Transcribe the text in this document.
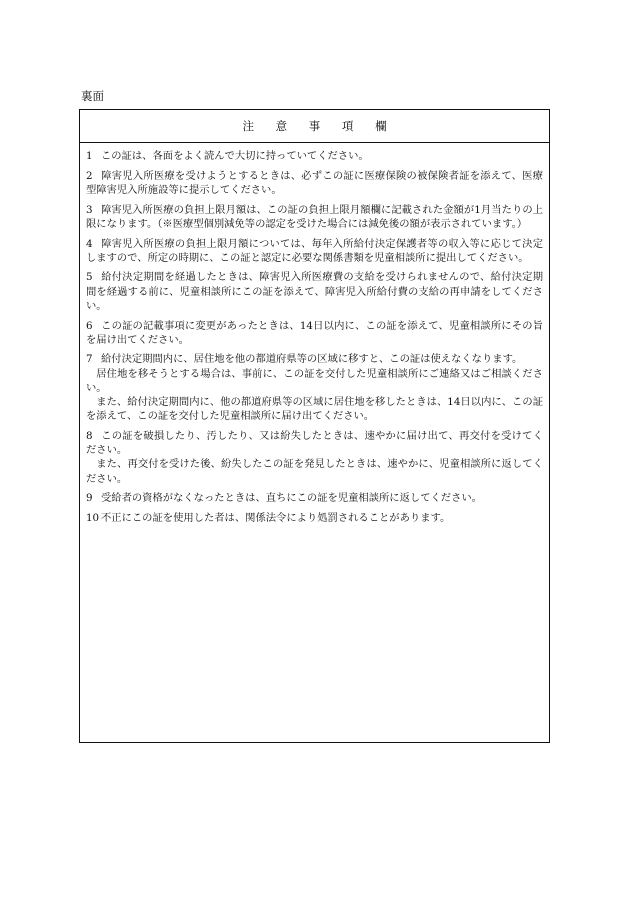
裏面
注 意 事 項 欄
1 この証は、各面をよく読んで大切に持っていてください。
2 障害児入所医療を受けようとするときは、必ずこの証に医療保険の被保険者証を添えて、医療型障害児入所施設等に提示してください。
3 障害児入所医療の負担上限月額は、この証の負担上限月額欄に記載された金額が1月当たりの上限になります。（※医療型個別減免等の認定を受けた場合には減免後の額が表示されています。）
4 障害児入所医療の負担上限月額については、毎年入所給付決定保護者等の収入等に応じて決定しますので、所定の時期に、この証と認定に必要な関係書類を児童相談所に提出してください。
5 給付決定期間を経過したときは、障害児入所医療費の支給を受けられませんので、給付決定期間を経過する前に、児童相談所にこの証を添えて、障害児入所給付費の支給の再申請をしてください。
6 この証の記載事項に変更があったときは、14日以内に、この証を添えて、児童相談所にその旨を届け出てください。
7 給付決定期間内に、居住地を他の都道府県等の区域に移すと、この証は使えなくなります。
居住地を移そうとする場合は、事前に、この証を交付した児童相談所にご連絡又はご相談ください。
また、給付決定期間内に、他の都道府県等の区域に居住地を移したときは、14日以内に、この証を添えて、この証を交付した児童相談所に届け出てください。
8 この証を破損したり、汚したり、又は紛失したときは、速やかに届け出て、再交付を受けてください。
また、再交付を受けた後、紛失したこの証を発見したときは、速やかに、児童相談所に返してください。
9 受給者の資格がなくなったときは、直ちにこの証を児童相談所に返してください。
10 不正にこの証を使用した者は、関係法令により処罰されることがあります。
